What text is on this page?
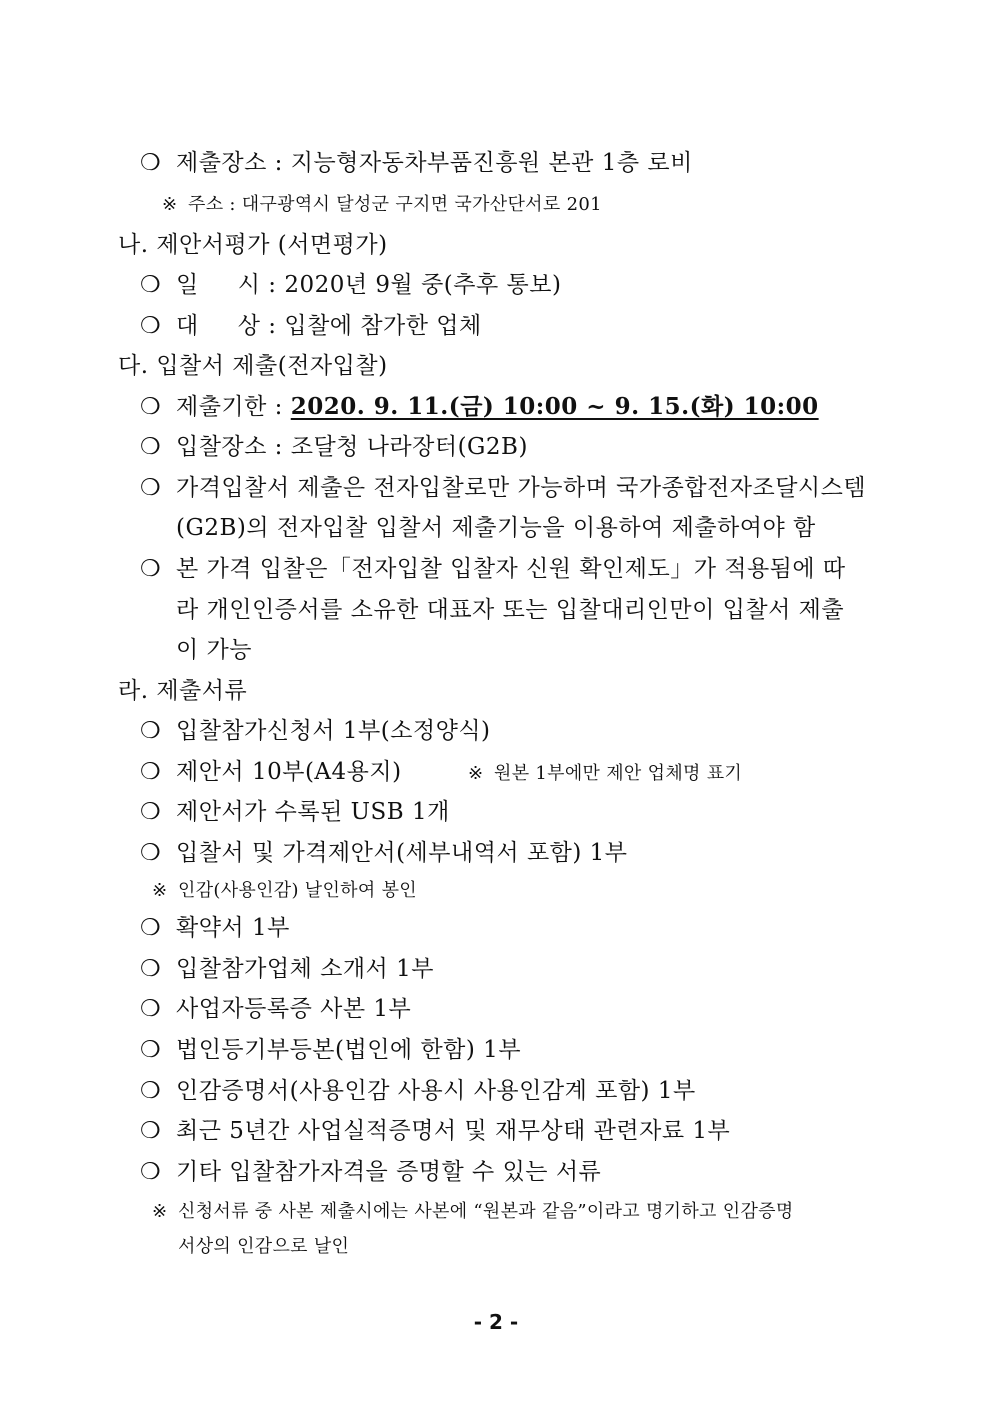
❍ 제출장소 : 지능형자동차부품진흥원 본관 1층 로비
※ 주소 : 대구광역시 달성군 구지면 국가산단서로 201
나. 제안서평가 (서면평가)
❍ 일     시 : 2020년 9월 중(추후 통보)
❍ 대     상 : 입찰에 참가한 업체
다. 입찰서 제출(전자입찰)
❍ 제출기한 : 2020. 9. 11.(금) 10:00 ~ 9. 15.(화) 10:00
❍ 입찰장소 : 조달청 나라장터(G2B)
❍ 가격입찰서 제출은 전자입찰로만 가능하며 국가종합전자조달시스템
(G2B)의 전자입찰 입찰서 제출기능을 이용하여 제출하여야 함
❍ 본 가격 입찰은「전자입찰 입찰자 신원 확인제도」가 적용됨에 따
라 개인인증서를 소유한 대표자 또는 입찰대리인만이 입찰서 제출
이 가능
라. 제출서류
❍ 입찰참가신청서 1부(소정양식)
❍ 제안서 10부(A4용지)	※ 원본 1부에만 제안 업체명 표기
❍ 제안서가 수록된 USB 1개
❍ 입찰서 및 가격제안서(세부내역서 포함) 1부
※ 인감(사용인감) 날인하여 봉인
❍ 확약서 1부
❍ 입찰참가업체 소개서 1부
❍ 사업자등록증 사본 1부
❍ 법인등기부등본(법인에 한함) 1부
❍ 인감증명서(사용인감 사용시 사용인감계 포함) 1부
❍ 최근 5년간 사업실적증명서 및 재무상태 관련자료 1부
❍ 기타 입찰참가자격을 증명할 수 있는 서류
※ 신청서류 중 사본 제출시에는 사본에 “원본과 같음”이라고 명기하고 인감증명
서상의 인감으로 날인
- 2 -
